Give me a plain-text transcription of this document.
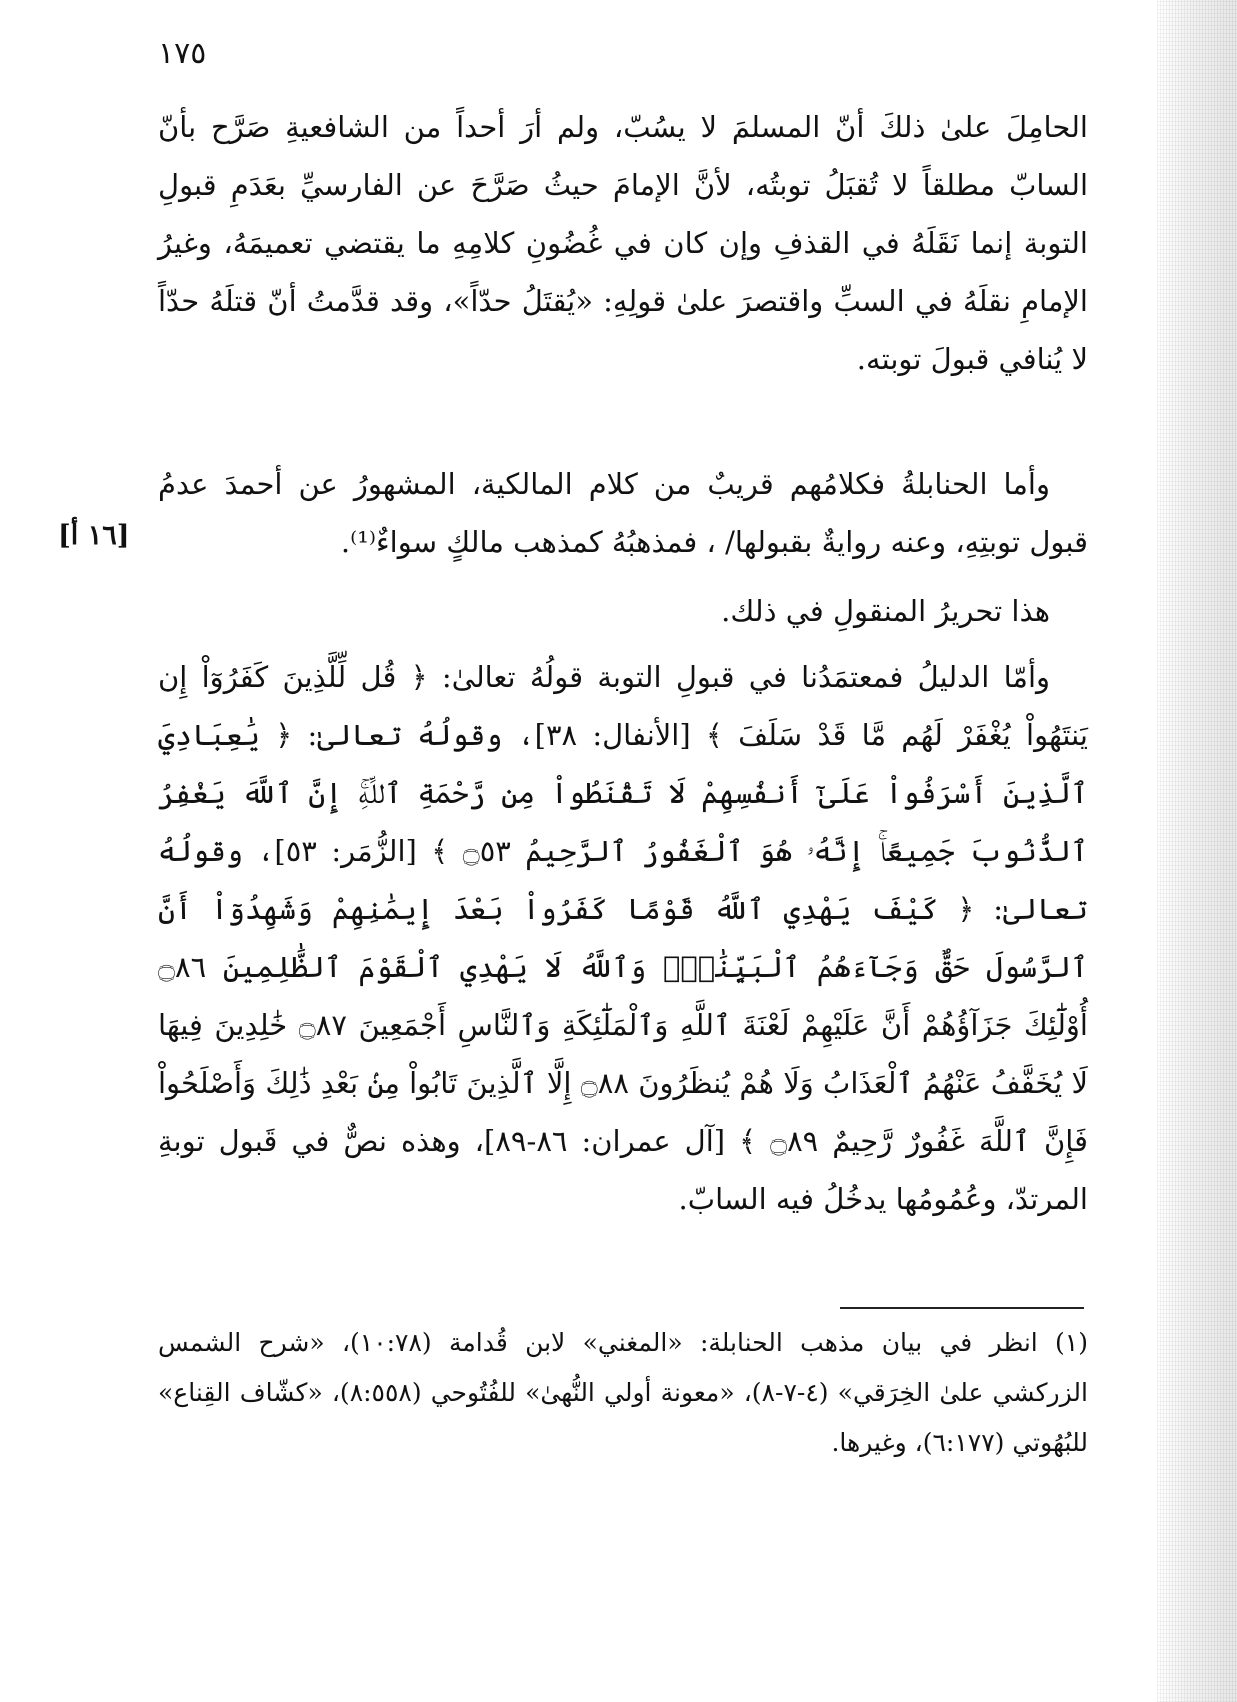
١٧٥

الحامِلَ علىٰ ذلكَ أنّ المسلمَ لا يسُبّ، ولم أرَ أحداً من الشافعيةِ صَرَّح بأنّ السابّ مطلقاً لا تُقبَلُ توبتُه، لأنَّ الإمامَ حيثُ صَرَّحَ عن الفارسيِّ بعَدَمِ قبولِ التوبة إنما نَقَلَهُ في القذفِ وإن كان في غُضُونِ كلامِهِ ما يقتضي تعميمَهُ، وغيرُ الإمامِ نقلَهُ في السبِّ واقتصرَ علىٰ قولِهِ: «يُقتَلُ حدّاً»، وقد قدَّمتُ أنّ قتلَهُ حدّاً لا يُنافي قبولَ توبته.

[١٦ أ]

وأما الحنابلةُ فكلامُهم قريبٌ من كلام المالكية، المشهورُ عن أحمدَ عدمُ قبول توبتِهِ، وعنه روايةٌ بقبولها/ ، فمذهبُهُ كمذهب مالكٍ سواءٌ⁽¹⁾.

هذا تحريرُ المنقولِ في ذلك.

وأمّا الدليلُ فمعتمَدُنا في قبولِ التوبة قولُهُ تعالىٰ: ﴿ قُل لِّلَّذِينَ كَفَرُوٓاْ إِن يَنتَهُواْ يُغْفَرْ لَهُم مَّا قَدْ سَلَفَ ﴾ [الأنفال: ٣٨]، وقولُهُ تعالىٰ: ﴿ يَٰعِبَادِيَ ٱلَّذِينَ أَسْرَفُواْ عَلَىٰٓ أَنفُسِهِمْ لَا تَقْنَطُواْ مِن رَّحْمَةِ ٱللَّهِۚ إِنَّ ٱللَّهَ يَغْفِرُ ٱلذُّنُوبَ جَمِيعًاۚ إِنَّهُۥ هُوَ ٱلْغَفُورُ ٱلرَّحِيمُ ۝٥٣ ﴾ [الزُّمَر: ٥٣]، وقولُهُ تعالىٰ: ﴿ كَيْفَ يَهْدِي ٱللَّهُ قَوْمًا كَفَرُواْ بَعْدَ إِيمَٰنِهِمْ وَشَهِدُوٓاْ أَنَّ ٱلرَّسُولَ حَقٌّ وَجَآءَهُمُ ٱلْبَيِّنَٰتُۚ وَٱللَّهُ لَا يَهْدِي ٱلْقَوْمَ ٱلظَّٰلِمِينَ ۝٨٦ أُوْلَٰٓئِكَ جَزَآؤُهُمْ أَنَّ عَلَيْهِمْ لَعْنَةَ ٱللَّهِ وَٱلْمَلَٰٓئِكَةِ وَٱلنَّاسِ أَجْمَعِينَ ۝٨٧ خَٰلِدِينَ فِيهَا لَا يُخَفَّفُ عَنْهُمُ ٱلْعَذَابُ وَلَا هُمْ يُنظَرُونَ ۝٨٨ إِلَّا ٱلَّذِينَ تَابُواْ مِنۢ بَعْدِ ذَٰلِكَ وَأَصْلَحُواْ فَإِنَّ ٱللَّهَ غَفُورٌ رَّحِيمٌ ۝٨٩ ﴾ [آل عمران: ٨٦-٨٩]، وهذه نصٌّ في قَبول توبةِ المرتدّ، وعُمُومُها يدخُلُ فيه السابّ.

(١) انظر في بيان مذهب الحنابلة: «المغني» لابن قُدامة (١٠:٧٨)، «شرح الشمس الزركشي علىٰ الخِرَقي» (٤-٧-٨)، «معونة أولي النُّهىٰ» للفُتُوحي (٨:٥٥٨)، «كشّاف القِناع» للبُهُوتي (٦:١٧٧)، وغيرها.
